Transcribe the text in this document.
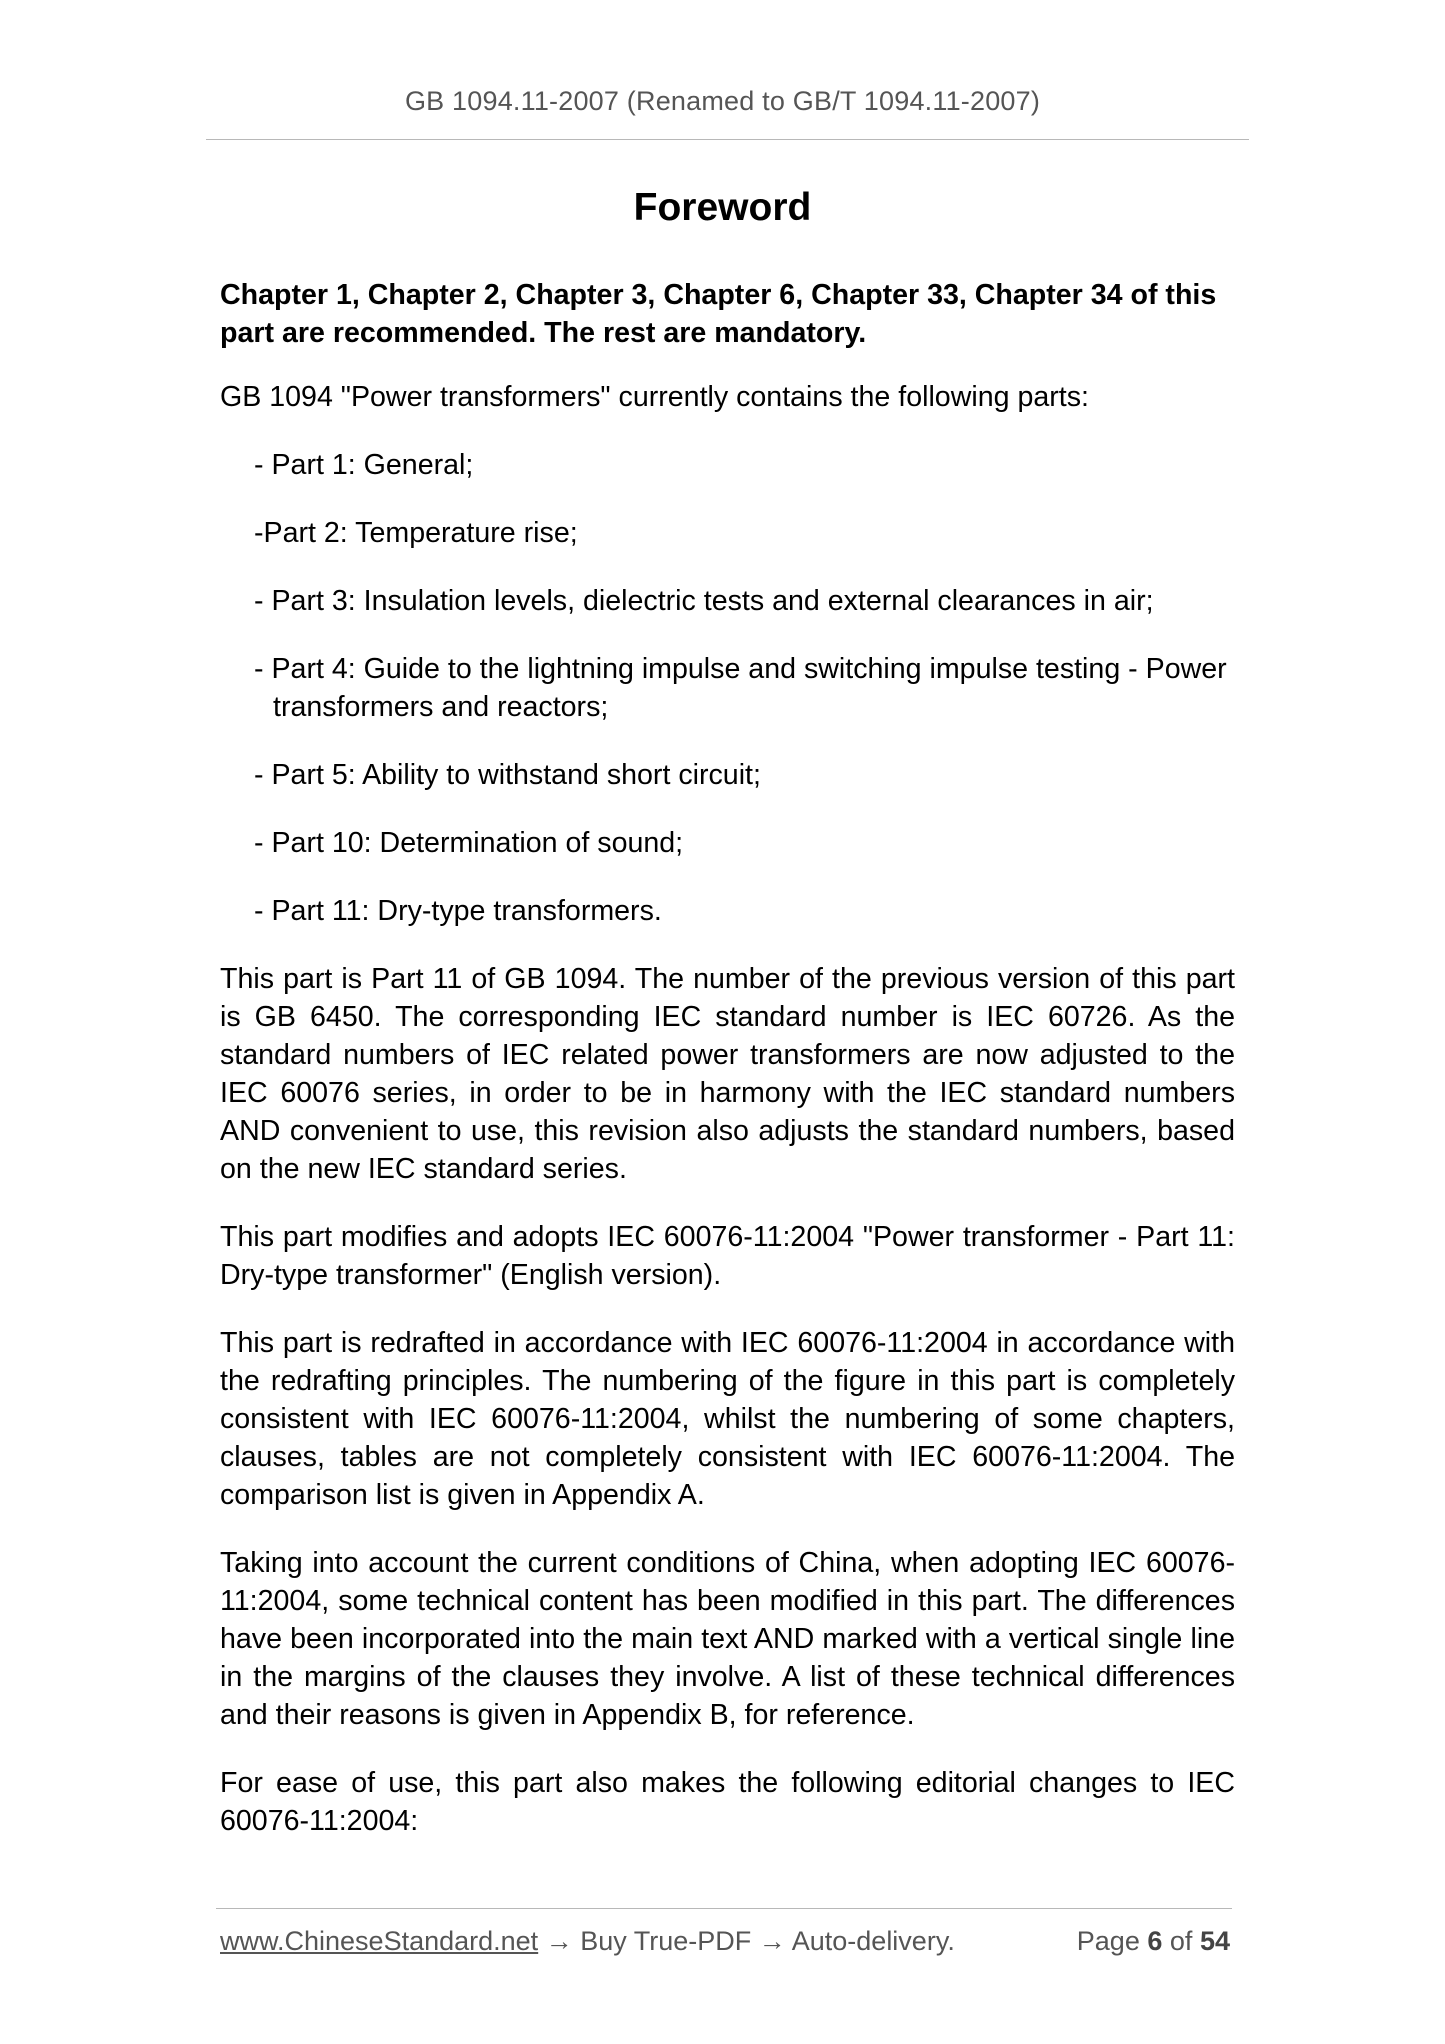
GB 1094.11-2007 (Renamed to GB/T 1094.11-2007)
Foreword

Chapter 1, Chapter 2, Chapter 3, Chapter 6, Chapter 33, Chapter 34 of this part are recommended. The rest are mandatory.

GB 1094 "Power transformers" currently contains the following parts:

- Part 1: General;
-Part 2: Temperature rise;
- Part 3: Insulation levels, dielectric tests and external clearances in air;
- Part 4: Guide to the lightning impulse and switching impulse testing - Power transformers and reactors;
- Part 5: Ability to withstand short circuit;
- Part 10: Determination of sound;
- Part 11: Dry-type transformers.

This part is Part 11 of GB 1094. The number of the previous version of this part is GB 6450. The corresponding IEC standard number is IEC 60726. As the standard numbers of IEC related power transformers are now adjusted to the IEC 60076 series, in order to be in harmony with the IEC standard numbers AND convenient to use, this revision also adjusts the standard numbers, based on the new IEC standard series.

This part modifies and adopts IEC 60076-11:2004 "Power transformer - Part 11: Dry-type transformer" (English version).

This part is redrafted in accordance with IEC 60076-11:2004 in accordance with the redrafting principles. The numbering of the figure in this part is completely consistent with IEC 60076-11:2004, whilst the numbering of some chapters, clauses, tables are not completely consistent with IEC 60076-11:2004. The comparison list is given in Appendix A.

Taking into account the current conditions of China, when adopting IEC 60076-11:2004, some technical content has been modified in this part. The differences have been incorporated into the main text AND marked with a vertical single line in the margins of the clauses they involve. A list of these technical differences and their reasons is given in Appendix B, for reference.

For ease of use, this part also makes the following editorial changes to IEC 60076-11:2004:

www.ChineseStandard.net → Buy True-PDF → Auto-delivery.	Page 6 of 54
